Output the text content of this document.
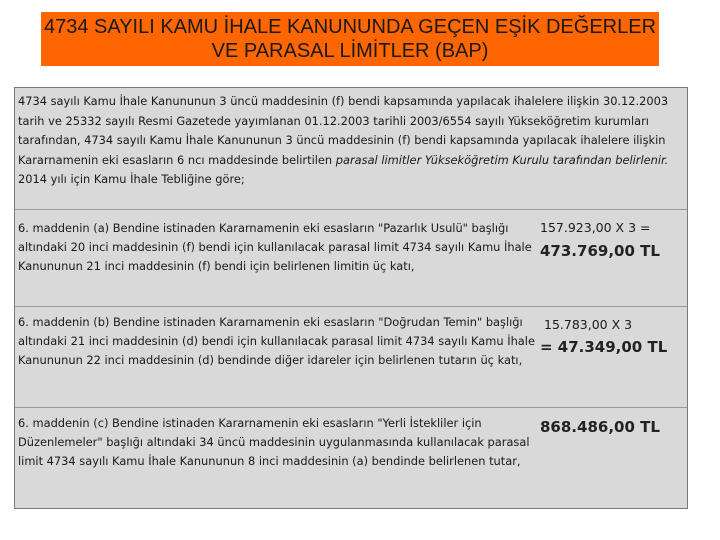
4734 SAYILI KAMU İHALE KANUNUNDA GEÇEN EŞİK DEĞERLER
VE PARASAL LİMİTLER (BAP)
4734 sayılı Kamu İhale Kanununun 3 üncü maddesinin (f) bendi kapsamında yapılacak ihalelere ilişkin 30.12.2003 tarih ve 25332 sayılı Resmi Gazetede yayımlanan 01.12.2003 tarihli 2003/6554 sayılı Yükseköğretim kurumları tarafından, 4734 sayılı Kamu İhale Kanununun 3 üncü maddesinin (f) bendi kapsamında yapılacak ihalelere ilişkin Kararnamenin eki esasların 6 ncı maddesinde belirtilen parasal limitler Yükseköğretim Kurulu tarafından belirlenir. 2014 yılı için Kamu İhale Tebliğine göre;
6. maddenin (a) Bendine istinaden Kararnamenin eki esasların "Pazarlık Usulü" başlığı altındaki 20 inci maddesinin (f) bendi için kullanılacak parasal limit 4734 sayılı Kamu İhale Kanununun 21 inci maddesinin (f) bendi için belirlenen limitin üç katı,
157.923,00 X 3 =
473.769,00 TL
6. maddenin (b) Bendine istinaden Kararnamenin eki esasların "Doğrudan Temin" başlığı altındaki 21 inci maddesinin (d) bendi için kullanılacak parasal limit 4734 sayılı Kamu İhale Kanununun 22 inci maddesinin (d) bendinde diğer idareler için belirlenen tutarın üç katı,
15.783,00 X 3
= 47.349,00 TL
6. maddenin (c) Bendine istinaden Kararnamenin eki esasların "Yerli İstekliler için Düzenlemeler" başlığı altındaki 34 üncü maddesinin uygulanmasında kullanılacak parasal limit 4734 sayılı Kamu İhale Kanununun 8 inci maddesinin (a) bendinde belirlenen tutar,
868.486,00 TL
